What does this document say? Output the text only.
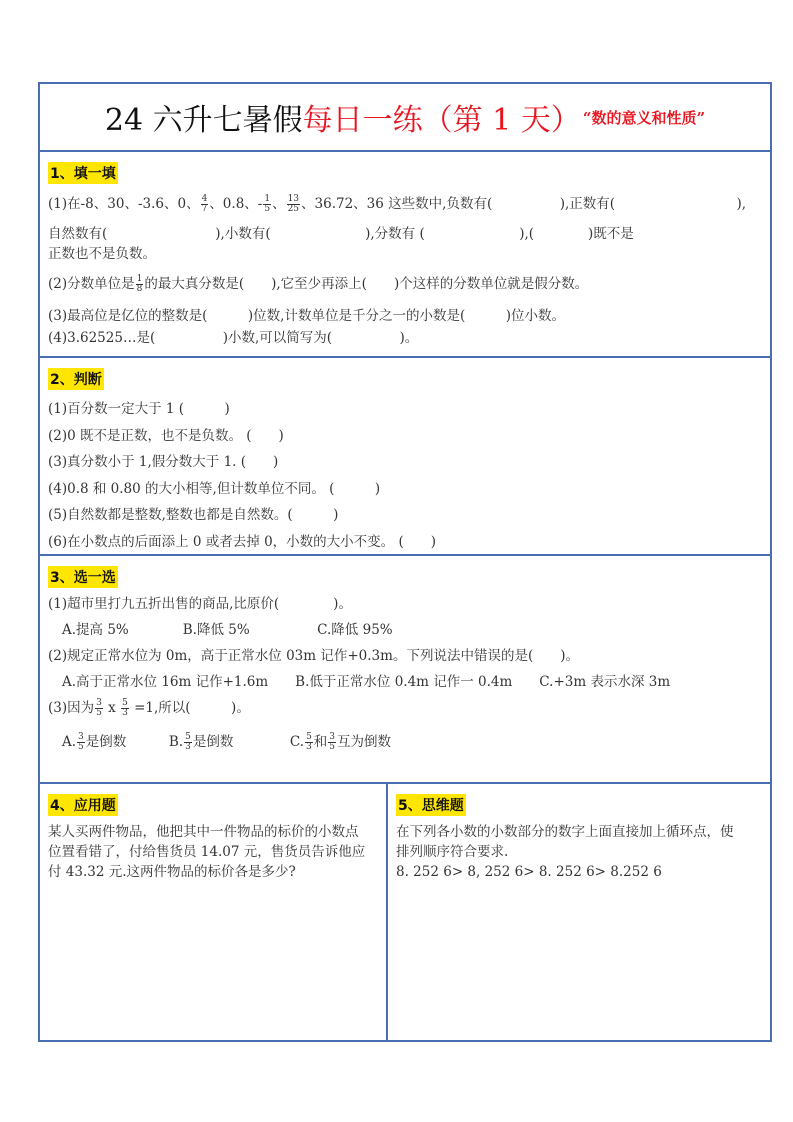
24 六升七暑假 每日一练（第 1 天） “数的意义和性质”
1、填一填
(1)在-8、30、-3.6、0、 $\frac{4}{7}$ 、0.8、- $\frac{1}{5}$ 、 $\frac{13}{25}$ 、36.72、36 这些数中,负数有(　　　　　),正数有(　　　　　　　　　),
自然数有(　　　　　　　　),小数有(　　　　　　　),分数有 (　　　　　　　),(　　　　)既不是
正数也不是负数。
(2)分数单位是 $\frac{1}{8}$ 的最大真分数是(　　),它至少再添上(　　)个这样的分数单位就是假分数。
(3)最高位是亿位的整数是(　　　)位数,计数单位是千分之一的小数是(　　　)位小数。
(4)3.62525…是(　　　　　)小数,可以简写为(　　　　　)。
2、判断
(1)百分数一定大于 1 (　　　)
(2)0 既不是正数，也不是负数。 (　　)
(3)真分数小于 1,假分数大于 1. (　　)
(4)0.8 和 0.80 的大小相等,但计数单位不同。 (　　　)
(5)自然数都是整数,整数也都是自然数。(　　　)
(6)在小数点的后面添上 0 或者去掉 0，小数的大小不变。 (　　)
3、选一选
(1)超市里打九五折出售的商品,比原价(　　　　)。
A.提高 5%　　　　B.降低 5%　　　　　C.降低 95%
(2)规定正常水位为 0m，高于正常水位 03m 记作+0.3m。下列说法中错误的是(　　)。
A.高于正常水位 16m 记作+1.6m　　B.低于正常水位 0.4m 记作一 0.4m　　C.+3m 表示水深 3m
(3)因为 $\frac{3}{5}$ x $\frac{5}{3} =1$,所以(　　　)。
A. $\frac{3}{5}$ 是倒数	B. $\frac{5}{3}$ 是倒数	C. $\frac{5}{3}$ 和 $\frac{3}{5}$ 互为倒数
4、应用题
某人买两件物品，他把其中一件物品的标价的小数点
位置看错了，付给售货员 14.07 元，售货员告诉他应
付 43.32 元.这两件物品的标价各是多少?
5、思维题
在下列各小数的小数部分的数字上面直接加上循环点，使
排列顺序符合要求.
8. 252 6> 8, 252 6> 8. 252 6> 8.252 6
